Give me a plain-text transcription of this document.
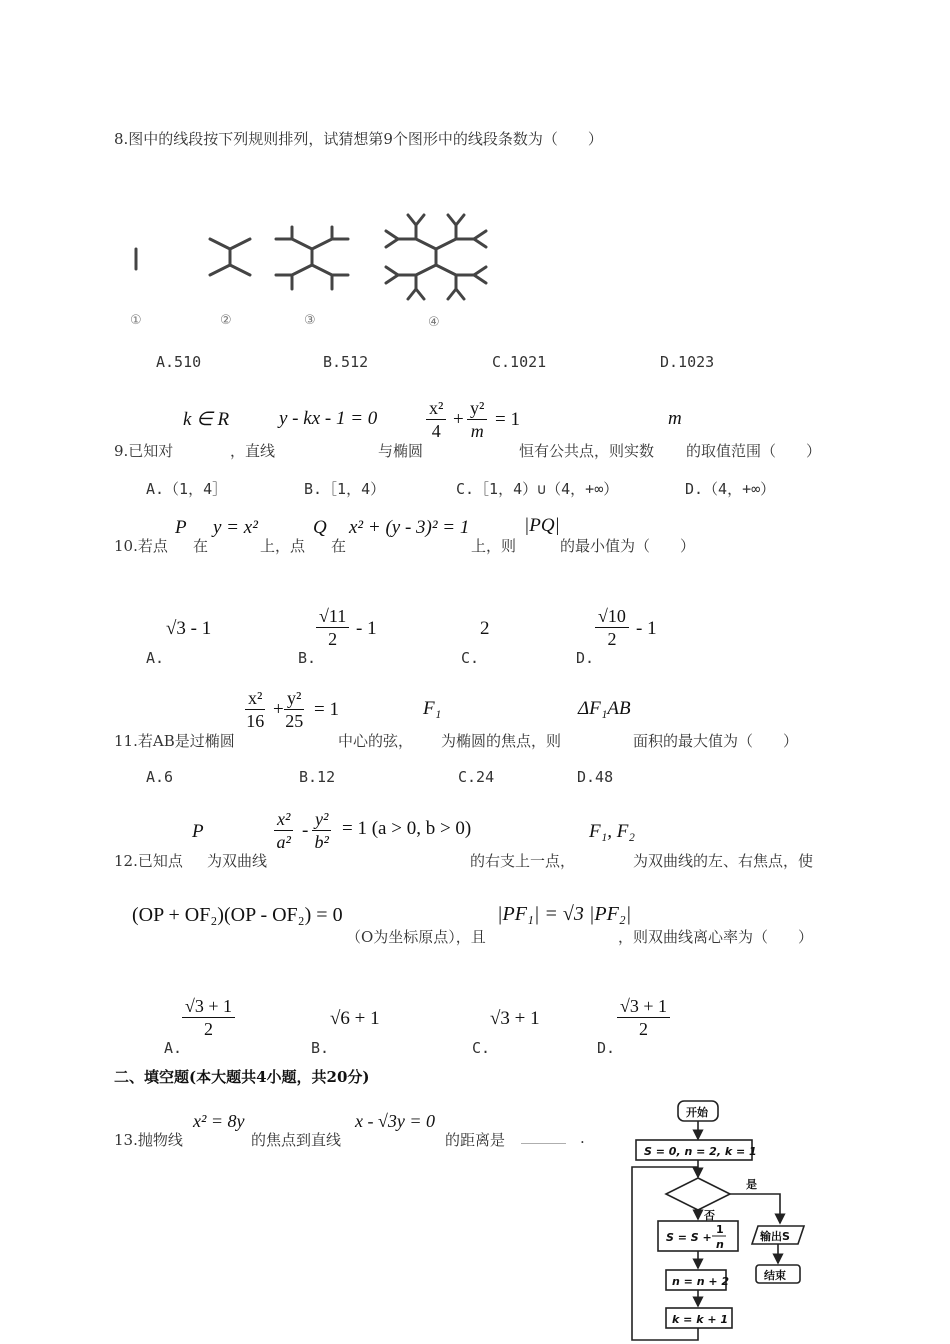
8.图中的线段按下列规则排列，试猜想第9个图形中的线段条数为（　　）
①	②	③	④
A.510	B.512	C.1021	D.1023
k ∈ R	y - kx - 1 = 0	$\frac{\text{x²}}{4} + \frac{\text{y²}}{m} = 1$	m
9.已知对	，直线	与椭圆	恒有公共点，则实数 的取值范围（　　）
A.（1，4］	B.［1，4）	C.［1，4）∪（4，+∞）	D.（4，+∞）
P y = x²	Q x² + (y - 3)² = 1	|PQ|
10.若点 在	上，点 在	上，则	的最小值为（　　）
√3 - 1	$\frac{√11}{2} - 1$	2	$\frac{√10}{2} - 1$
A.	B.	C.	D.
$\frac{\text{x²}}{16} + \frac{\text{y²}}{25} = 1$	F₁	ΔF₁AB
11.若AB是过椭圆	中心的弦， 为椭圆的焦点，则	面积的最大值为（　　）
A.6	B.12	C.24	D.48
P	$\frac{\text{x²}}{\text{a²}} - \frac{\text{y²}}{\text{b²}} = 1$ (a > 0, b > 0)	F₁, F₂
12.已知点 为双曲线	的右支上一点，	为双曲线的左、右焦点，使
(OP + OF₂)(OP - OF₂) = 0
（O为坐标原点），且
|PF₁| = √3 |PF₂|
，则双曲线离心率为（　　）
$\frac{√3 + 1}{2}$	√6 + 1	√3 + 1	$\frac{√3 + 1}{2}$
A.	B.	C.	D.
二、填空题(本大题共4小题，共20分)
x² = 8y	x - √3y = 0
13.抛物线	的焦点到直线	的距离是 ______ .
开始
S = 0, n = 2, k = 1
是
否
S = S +
1
n
输出S
结束
n = n + 2
k = k + 1
